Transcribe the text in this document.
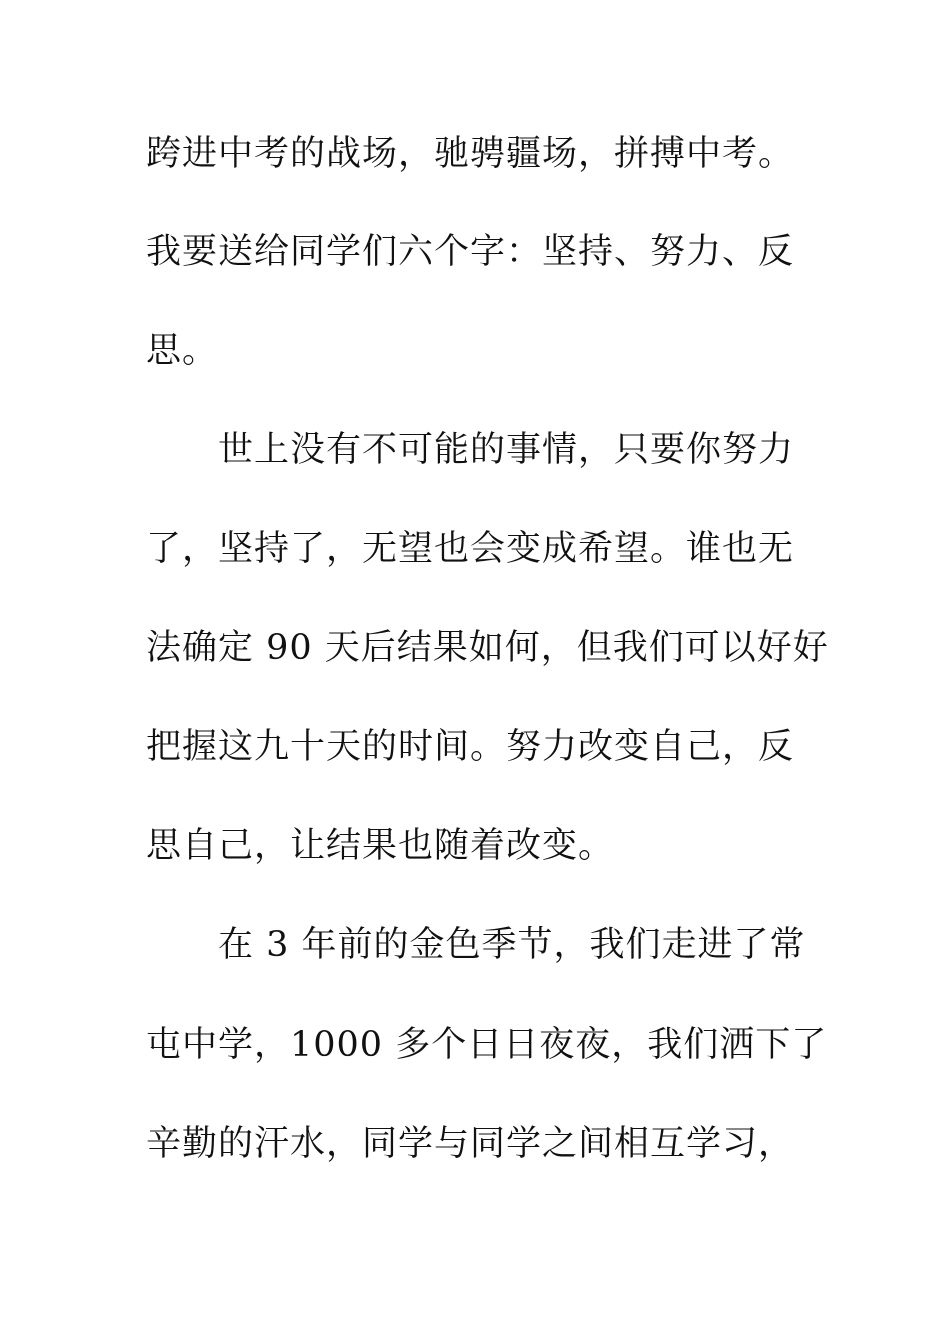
跨进中考的战场，驰骋疆场，拼搏中考。
我要送给同学们六个字：坚持、努力、反
思。
世上没有不可能的事情，只要你努力
了，坚持了，无望也会变成希望。谁也无
法确定 90 天后结果如何，但我们可以好好
把握这九十天的时间。努力改变自己，反
思自己，让结果也随着改变。
在 3 年前的金色季节，我们走进了常
屯中学，1000 多个日日夜夜，我们洒下了
辛勤的汗水，同学与同学之间相互学习，
